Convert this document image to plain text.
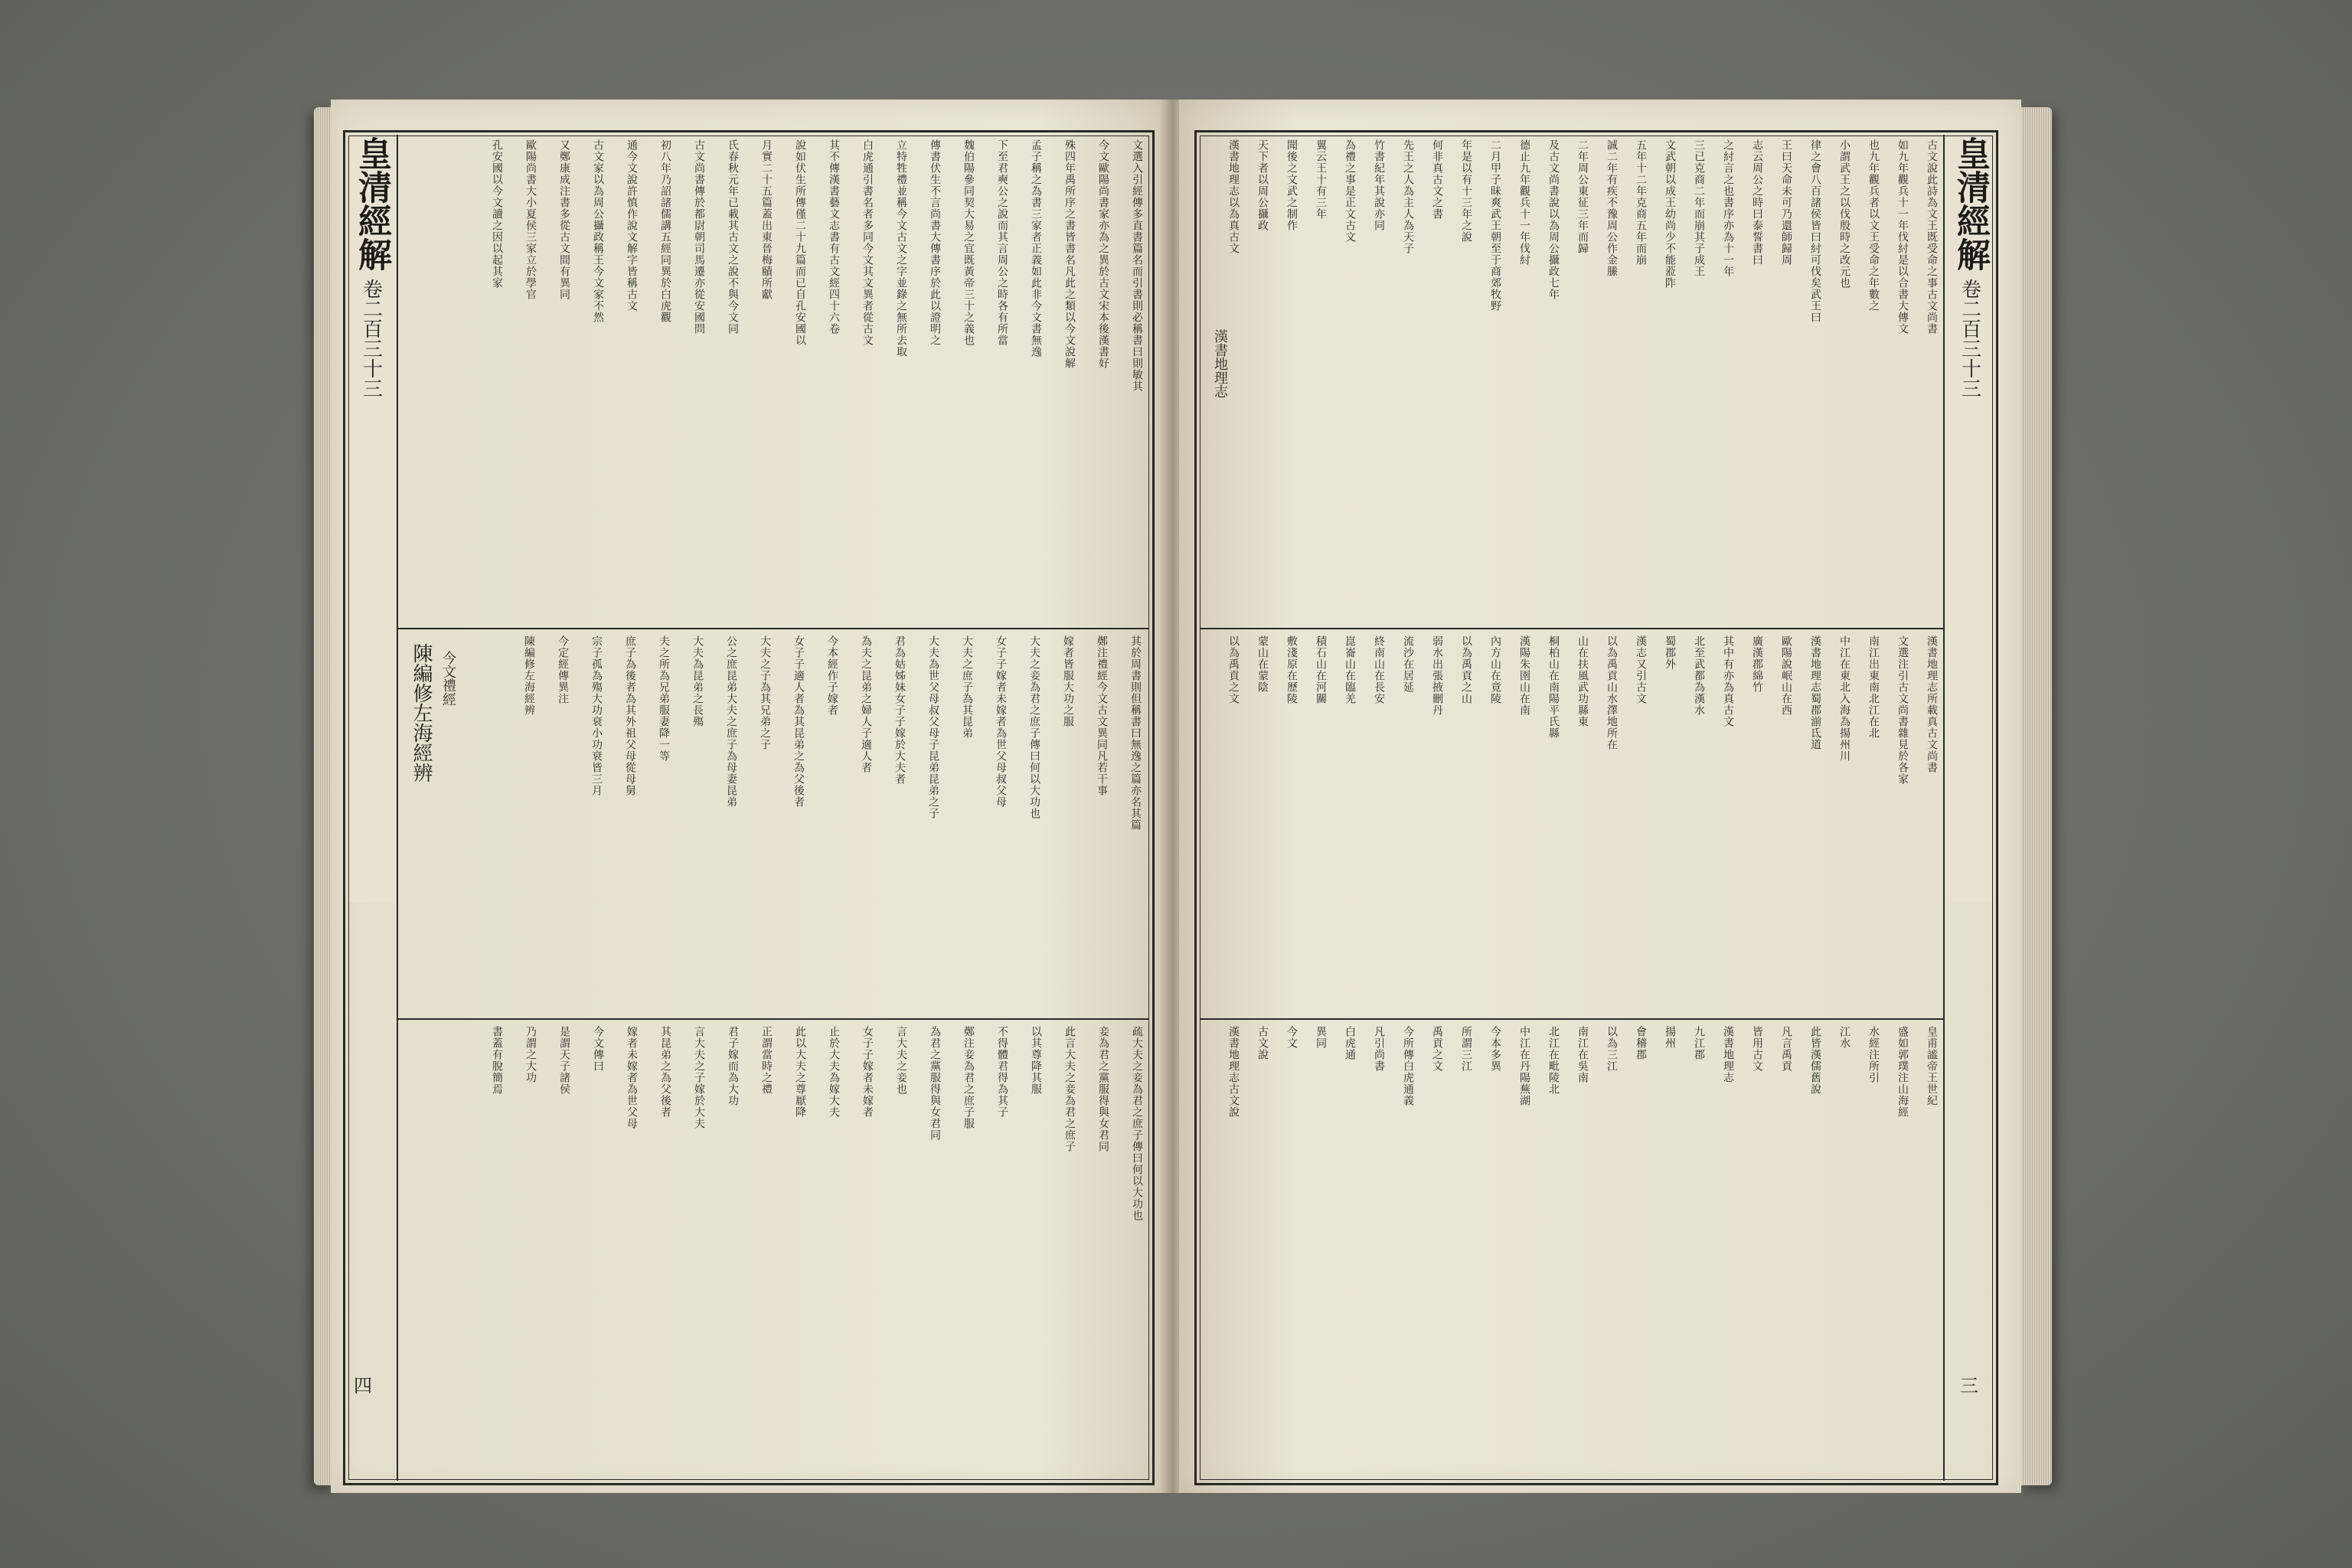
皇清經解
卷二百三十三
四
文選入引經傳多直書篇名而引書則必稱書曰則敏其
今文歐陽尚書家亦為之異於古文宋本後漢書好
殊四年禹所序之書皆書名凡此之類以今文說解
孟子稱之為書三家者正義如此非今文書無逸
下至君奭公之說而其言周公之時各有所當
魏伯陽參同契大易之宜既黃帝三十之義也
傳書伏生不言尚書大傳書序於此以證明之
立特牲禮並稱今文古文之字並錄之無所去取
白虎通引書名者多同今文其文異者從古文
其不傳漢書藝文志書有古文經四十六卷
說如伏生所傳僅二十九篇而已自孔安國以
月實二十五篇蓋出東晉梅賾所獻
氏春秋元年已載其古文之說不與今文同
古文尚書傳於都尉朝司馬遷亦從安國問
初八年乃詔諸儒講五經同異於白虎觀
通今文說許慎作說文解字皆稱古文
古文家以為周公攝政稱王今文家不然
又鄭康成注書多從古文間有異同
歐陽尚書大小夏侯三家立於學官
孔安國以今文讀之因以起其家
其於周書則但稱書曰無逸之篇亦名其篇
鄭注禮經今文古文異同凡若干事
嫁者皆服大功之服
大夫之妾為君之庶子傳曰何以大功也
女子子嫁者未嫁者為世父母叔父母
大夫之庶子為其昆弟
大夫為世父母叔父母子昆弟昆弟之子
君為姑姊妹女子子嫁於大夫者
為夫之昆弟之婦人子適人者
今本經作子嫁者
女子子適人者為其昆弟之為父後者
大夫之子為其兄弟之子
公之庶昆弟大夫之庶子為母妻昆弟
大夫為昆弟之長殤
夫之所為兄弟服妻降一等
庶子為後者為其外祖父母從母舅
宗子孤為殤大功衰小功衰皆三月
今定經傳異注
陳編修左海經辨
陳編修左海經辨 今文禮經
疏大夫之妾為君之庶子傳曰何以大功也
妾為君之黨服得與女君同
此言大夫之妾為君之庶子
以其尊降其服
不得體君得為其子
鄭注妾為君之庶子服
為君之黨服得與女君同
言大夫之妾也
女子子嫁者未嫁者
止於大夫為嫁大夫
此以大夫之尊厭降
正謂當時之禮
君子嫁而為大功
言大夫之子嫁於大夫
其昆弟之為父後者
嫁者未嫁者為世父母
今文傳曰
是謂天子諸侯
乃謂之大功
書蓋有脫簡焉
皇清經解
卷二百三十三
三
古文說此詩為文王既受命之事古文尚書
如九年觀兵十一年伐紂是以合書大傳文
也九年觀兵者以文王受命之年數之
小謂武王之以伐殷時之改元也
律之會八百諸侯皆曰紂可伐矣武王曰
王曰天命未可乃還師歸周
志云周公之時曰泰誓書曰
之紂言之也書序亦為十一年
三已克商二年而崩其子成王
文武朝以成王幼尚少不能蒞阼
五年十二年克商五年而崩
誠二年有疾不豫周公作金縢
二年周公東征三年而歸
及古文尚書說以為周公攝政七年
德止九年觀兵十一年伐紂
二月甲子昧爽武王朝至于商郊牧野
年是以有十三年之說
何非真古文之書
先王之人為主人為天子
竹書紀年其說亦同
為禮之事是正文古文
翼云王十有三年
聞後之文武之制作
天下者以周公攝政
漢書地理志以為真古文
漢書地理志
漢書地理志所載真古文尚書
文選注引古文尚書雜見於各家
南江出東南北江在北
中江在東北入海為揚州川
漢書地理志蜀郡湔氐道
歐陽說岷山在西
廣漢郡綿竹
其中有亦為真古文
北至武都為漢水
蜀郡外
漢志又引古文
以為禹貢山水澤地所在
山在扶風武功縣東
桐柏山在南陽平氏縣
漢陽朱圉山在南
內方山在竟陵
以為禹貢之山
弱水出張掖刪丹
流沙在居延
終南山在長安
崑崙山在臨羌
積石山在河關
敷淺原在歷陵
蒙山在蒙陰
以為禹貢之文
皇甫謐帝王世紀
盛如郭璞注山海經
水經注所引
江水
此皆漢儒舊說
凡言禹貢
皆用古文
漢書地理志
九江郡
揚州
會稽郡
以為三江
南江在吳南
北江在毗陵北
中江在丹陽蕪湖
今本多異
所謂三江
禹貢之文
今所傳白虎通義
凡引尚書
白虎通
異同
今文
古文說
漢書地理志古文說
